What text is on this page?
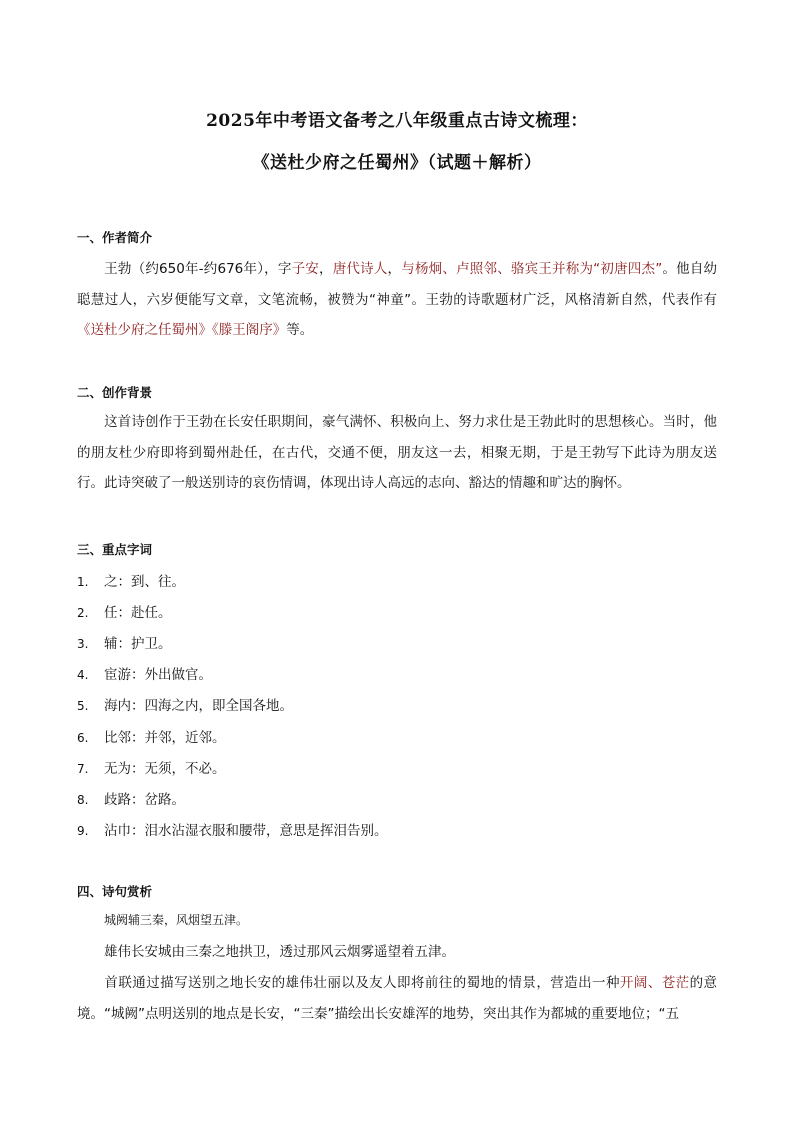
2025年中考语文备考之八年级重点古诗文梳理：
《送杜少府之任蜀州》（试题＋解析）
一、作者简介
王勃（约650年-约676年），字子安，唐代诗人，与杨炯、卢照邻、骆宾王并称为“初唐四杰”。他自幼聪慧过人，六岁便能写文章，文笔流畅，被赞为“神童”。王勃的诗歌题材广泛，风格清新自然，代表作有《送杜少府之任蜀州》《滕王阁序》等。
二、创作背景
这首诗创作于王勃在长安任职期间，豪气满怀、积极向上、努力求仕是王勃此时的思想核心。当时，他的朋友杜少府即将到蜀州赴任，在古代，交通不便，朋友这一去，相聚无期，于是王勃写下此诗为朋友送行。此诗突破了一般送别诗的哀伤情调，体现出诗人高远的志向、豁达的情趣和旷达的胸怀。
三、重点字词
1. 之：到、往。
2. 任：赴任。
3. 辅：护卫。
4. 宦游：外出做官。
5. 海内：四海之内，即全国各地。
6. 比邻：并邻，近邻。
7. 无为：无须，不必。
8. 歧路：岔路。
9. 沾巾：泪水沾湿衣服和腰带，意思是挥泪告别。
四、诗句赏析
城阙辅三秦，风烟望五津。
雄伟长安城由三秦之地拱卫，透过那风云烟雾遥望着五津。
首联通过描写送别之地长安的雄伟壮丽以及友人即将前往的蜀地的情景，营造出一种开阔、苍茫的意境。“城阙”点明送别的地点是长安，“三秦”描绘出长安雄浑的地势，突出其作为都城的重要地位；“五
